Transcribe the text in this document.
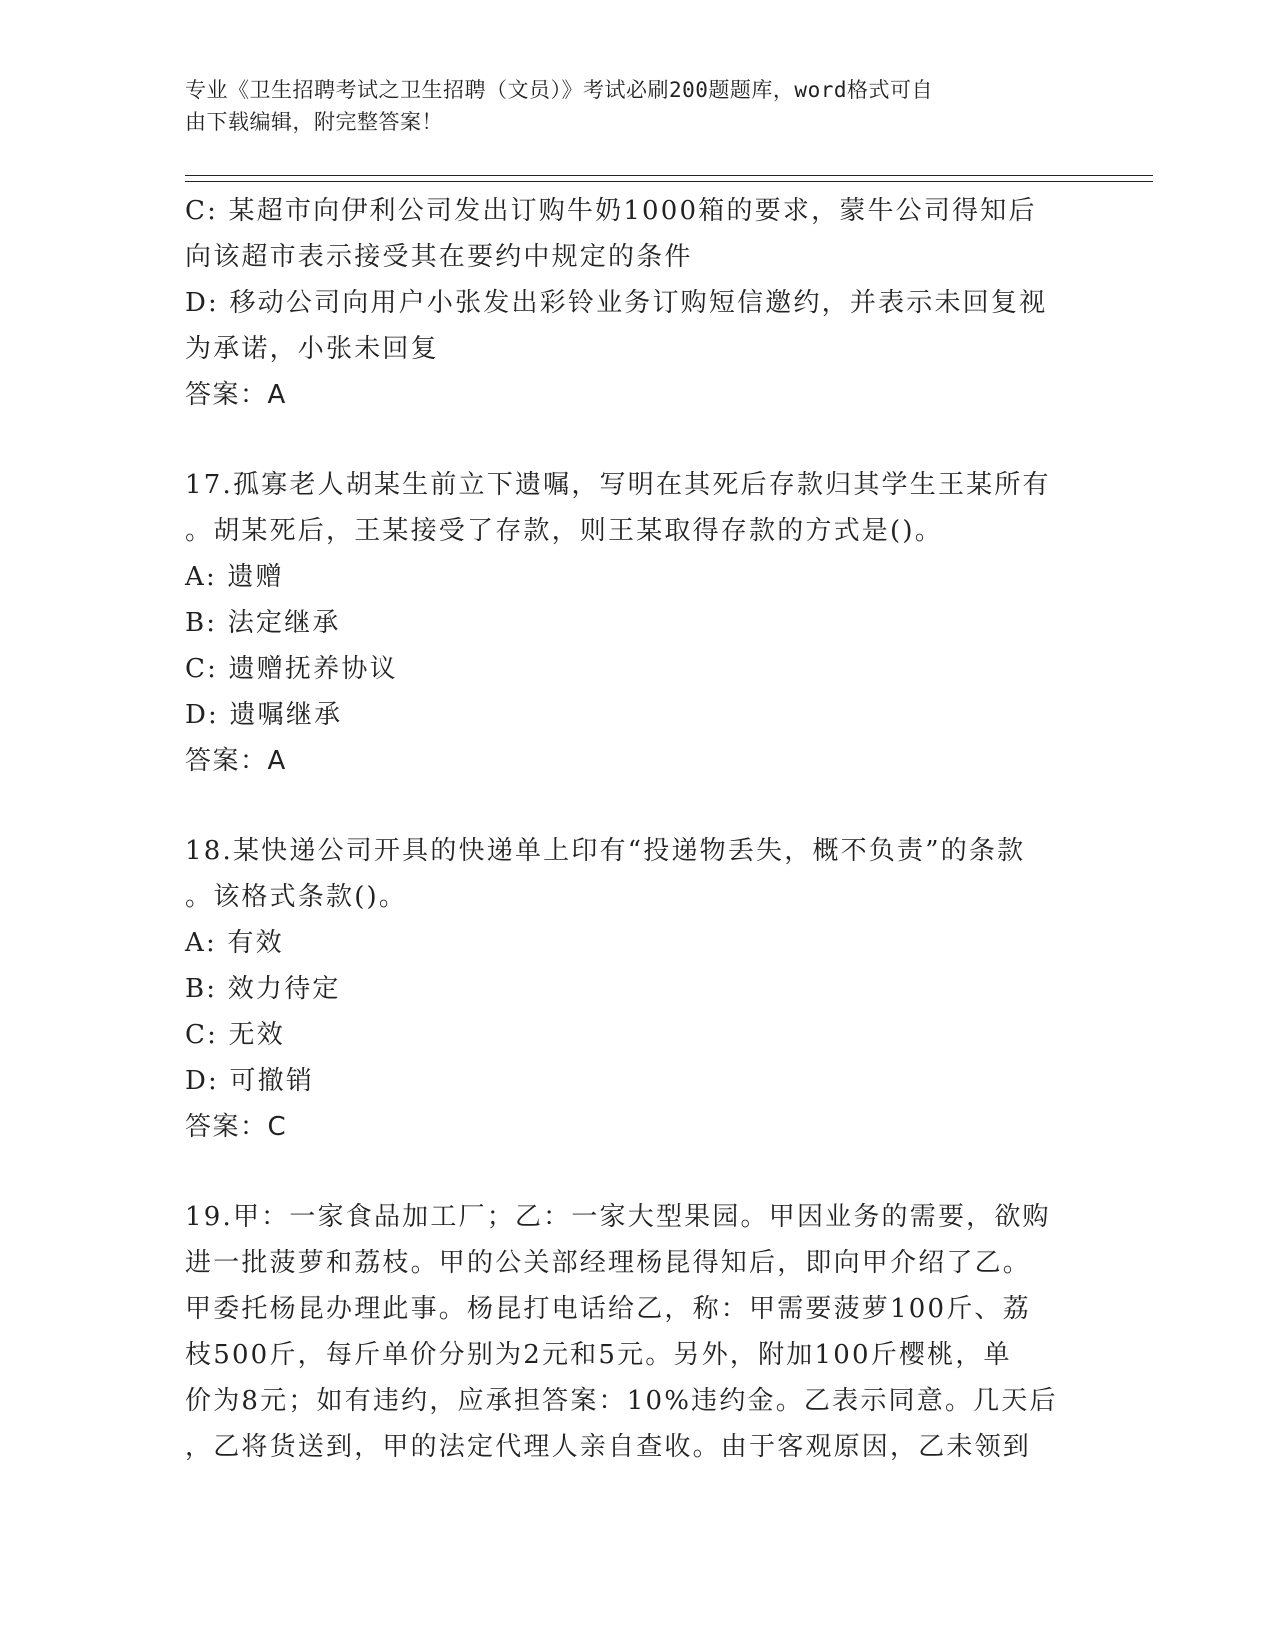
专业《卫生招聘考试之卫生招聘（文员）》考试必刷200题题库，word格式可自
由下载编辑，附完整答案！
C: 某超市向伊利公司发出订购牛奶1000箱的要求，蒙牛公司得知后
向该超市表示接受其在要约中规定的条件
D: 移动公司向用户小张发出彩铃业务订购短信邀约，并表示未回复视
为承诺，小张未回复
答案：A
17.孤寡老人胡某生前立下遗嘱，写明在其死后存款归其学生王某所有
。胡某死后，王某接受了存款，则王某取得存款的方式是()。
A: 遗赠
B: 法定继承
C: 遗赠抚养协议
D: 遗嘱继承
答案：A
18.某快递公司开具的快递单上印有“投递物丢失，概不负责”的条款
。该格式条款()。
A: 有效
B: 效力待定
C: 无效
D: 可撤销
答案：C
19.甲：一家食品加工厂；乙：一家大型果园。甲因业务的需要，欲购
进一批菠萝和荔枝。甲的公关部经理杨昆得知后，即向甲介绍了乙。
甲委托杨昆办理此事。杨昆打电话给乙，称：甲需要菠萝100斤、荔
枝500斤，每斤单价分别为2元和5元。另外，附加100斤樱桃，单
价为8元；如有违约，应承担答案：10%违约金。乙表示同意。几天后
，乙将货送到，甲的法定代理人亲自查收。由于客观原因，乙未领到
